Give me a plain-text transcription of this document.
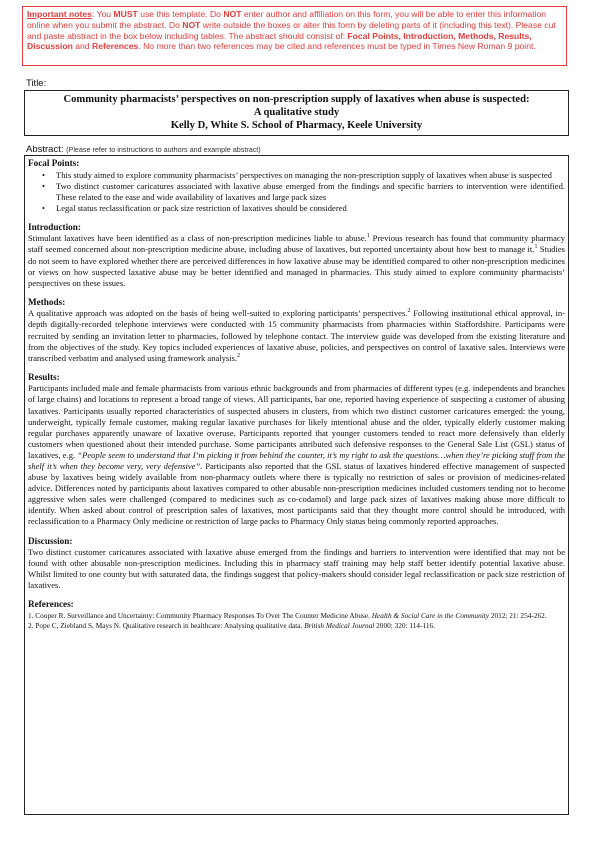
Important notes: You MUST use this template. Do NOT enter author and affiliation on this form, you will be able to enter this information online when you submit the abstract. Do NOT write outside the boxes or alter this form by deleting parts of it (including this text). Please cut and paste abstract in the box below including tables. The abstract should consist of: Focal Points, Introduction, Methods, Results, Discussion and References. No more than two references may be cited and references must be typed in Times New Roman 9 point.
Title:
Community pharmacists’ perspectives on non-prescription supply of laxatives when abuse is suspected:
A qualitative study
Kelly D, White S. School of Pharmacy, Keele University
Abstract: (Please refer to instructions to authors and example abstract)
Focal Points:
• This study aimed to explore community pharmacists’ perspectives on managing the non-prescription supply of laxatives when abuse is suspected
• Two distinct customer caricatures associated with laxative abuse emerged from the findings and specific barriers to intervention were identified. These related to the ease and wide availability of laxatives and large pack sizes
• Legal status reclassification or pack size restriction of laxatives should be considered
Introduction:

Stimulant laxatives have been identified as a class of non-prescription medicines liable to abuse.$^1$ Previous research has found that community pharmacy staff seemed concerned about non-prescription medicine abuse, including abuse of laxatives, but reported uncertainty about how best to manage it.$^1$ Studies do not seem to have explored whether there are perceived differences in how laxative abuse may be identified compared to other non-prescription medicines or views on how suspected laxative abuse may be better identified and managed in pharmacies. This study aimed to explore community pharmacists’ perspectives on these issues.

Methods:

A qualitative approach was adopted on the basis of being well-suited to exploring participants’ perspectives.$^2$ Following institutional ethical approval, in-depth digitally-recorded telephone interviews were conducted with 15 community pharmacists from pharmacies within Staffordshire. Participants were recruited by sending an invitation letter to pharmacies, followed by telephone contact. The interview guide was developed from the existing literature and from the objectives of the study. Key topics included experiences of laxative abuse, policies, and perspectives on control of laxative sales. Interviews were transcribed verbatim and analysed using framework analysis.$^2$

Results:

Participants included male and female pharmacists from various ethnic backgrounds and from pharmacies of different types (e.g. independents and branches of large chains) and locations to represent a broad range of views. All participants, bar one, reported having experience of suspecting a customer of abusing laxatives. Participants usually reported characteristics of suspected abusers in clusters, from which two distinct customer caricatures emerged: the young, underweight, typically female customer, making regular laxative purchases for likely intentional abuse and the older, typically elderly customer making regular purchases apparently unaware of laxative overuse. Participants reported that younger customers tended to react more defensively than elderly customers when questioned about their intended purchase. Some participants attributed such defensive responses to the General Sale List (GSL) status of laxatives, e.g. “People seem to understand that I’m picking it from behind the counter, it’s my right to ask the questions…when they’re picking stuff from the shelf it’s when they become very, very defensive”. Participants also reported that the GSL status of laxatives hindered effective management of suspected abuse by laxatives being widely available from non-pharmacy outlets where there is typically no restriction of sales or provision of medicines-related advice. Differences noted by participants about laxatives compared to other abusable non-prescription medicines included customers tending not to become aggressive when sales were challenged (compared to medicines such as co-codamol) and large pack sizes of laxatives making abuse more difficult to identify. When asked about control of prescription sales of laxatives, most participants said that they thought more control should be introduced, with reclassification to a Pharmacy Only medicine or restriction of large packs to Pharmacy Only status being commonly reported approaches.

Discussion:

Two distinct customer caricatures associated with laxative abuse emerged from the findings and barriers to intervention were identified that may not be found with other abusable non-prescription medicines. Including this in pharmacy staff training may help staff better identify potential laxative abuse. Whilst limited to one county but with saturated data, the findings suggest that policy-makers should consider legal reclassification or pack size restriction of laxatives.

References:
1. Cooper R. Surveillance and Uncertainty: Community Pharmacy Responses To Over The Counter Medicine Abuse. Health & Social Care in the Community 2012; 21: 254-262.
2. Pope C, Ziebland S, Mays N. Qualitative research in healthcare: Analysing qualitative data. British Medical Journal 2000; 320: 114-116.
